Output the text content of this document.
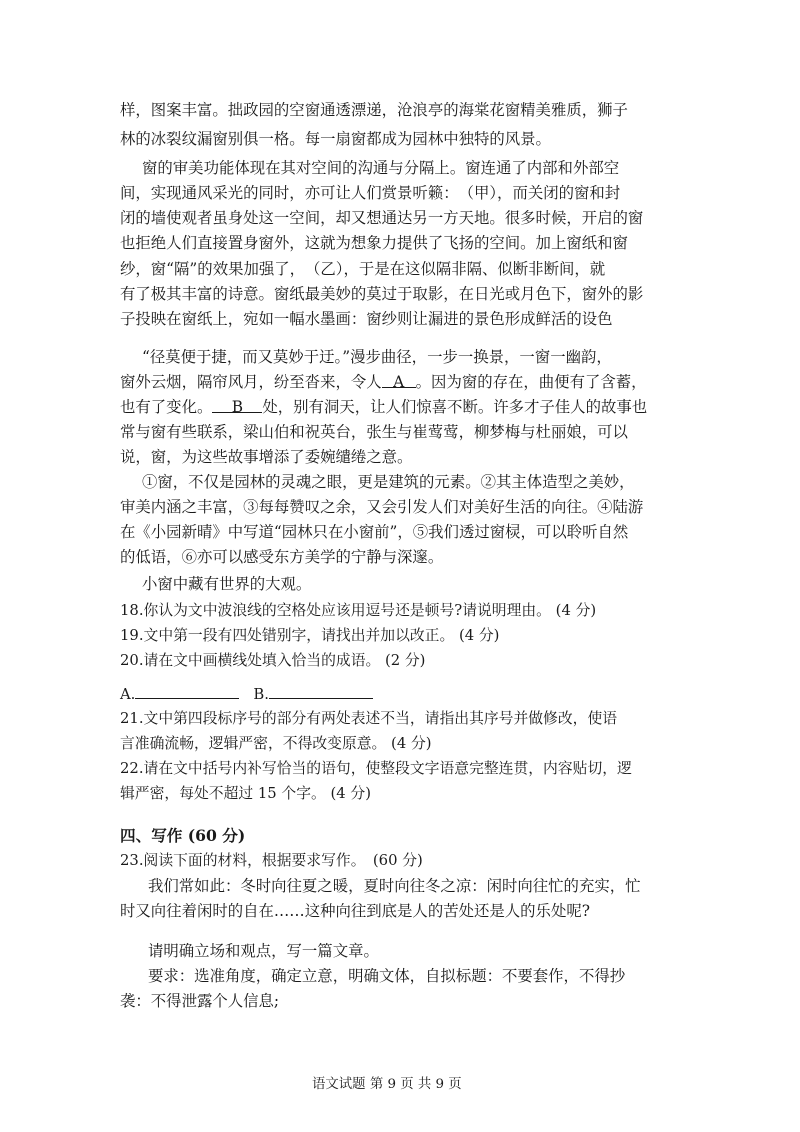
样，图案丰富。拙政园的空窗通透漂递，沧浪亭的海棠花窗精美雅质，狮子
林的冰裂纹漏窗别俱一格。每一扇窗都成为园林中独特的风景。
窗的审美功能体现在其对空间的沟通与分隔上。窗连通了内部和外部空
间，实现通风采光的同时，亦可让人们赏景听籁：　（甲），而关闭的窗和封
闭的墙使观者虽身处这一空间，却又想通达另一方天地。很多时候，开启的窗
也拒绝人们直接置身窗外，这就为想象力提供了飞扬的空间。加上窗纸和窗
纱，窗“隔”的效果加强了，　（乙），于是在这似隔非隔、似断非断间，就
有了极其丰富的诗意。窗纸最美妙的莫过于取影，在日光或月色下，窗外的影
子投映在窗纸上，宛如一幅水墨画：窗纱则让漏进的景色形成鲜活的设色
“径莫便于捷，而又莫妙于迂。”漫步曲径，一步一换景，一窗一幽韵，
窗外云烟，隔帘风月，纷至沓来，令人 A 。因为窗的存在，曲便有了含蓄，
也有了变化。 B 处，别有洞天，让人们惊喜不断。许多才子佳人的故事也
常与窗有些联系，梁山伯和祝英台，张生与崔莺莺，柳梦梅与杜丽娘，可以
说，窗，为这些故事增添了委婉缱绻之意。
①窗，不仅是园林的灵魂之眼，更是建筑的元素。②其主体造型之美妙，
审美内涵之丰富，③每每赞叹之余，又会引发人们对美好生活的向往。④陆游
在《小园新晴》中写道“园林只在小窗前”，⑤我们透过窗棂，可以聆听自然
的低语，⑥亦可以感受东方美学的宁静与深邃。
小窗中藏有世界的大观。
18.你认为文中波浪线的空格处应该用逗号还是顿号?请说明理由。 (4 分)
19.文中第一段有四处错别字，请找出并加以改正。 (4 分)
20.请在文中画横线处填入恰当的成语。 (2 分)
A.	B.
21.文中第四段标序号的部分有两处表述不当，请指出其序号并做修改，使语
言准确流畅，逻辑严密，不得改变原意。 (4 分)
22.请在文中括号内补写恰当的语句，使整段文字语意完整连贯，内容贴切，逻
辑严密，每处不超过 15 个字。 (4 分)
四、写作 (60 分)
23.阅读下面的材料，根据要求写作。　(60 分)
我们常如此：冬时向往夏之暖，夏时向往冬之凉：闲时向往忙的充实，忙
时又向往着闲时的自在……这种向往到底是人的苦处还是人的乐处呢?
请明确立场和观点，写一篇文章。
要求：选准角度，确定立意，明确文体，自拟标题：不要套作，不得抄
袭：不得泄露个人信息;
语文试题 第 9 页 共 9 页
